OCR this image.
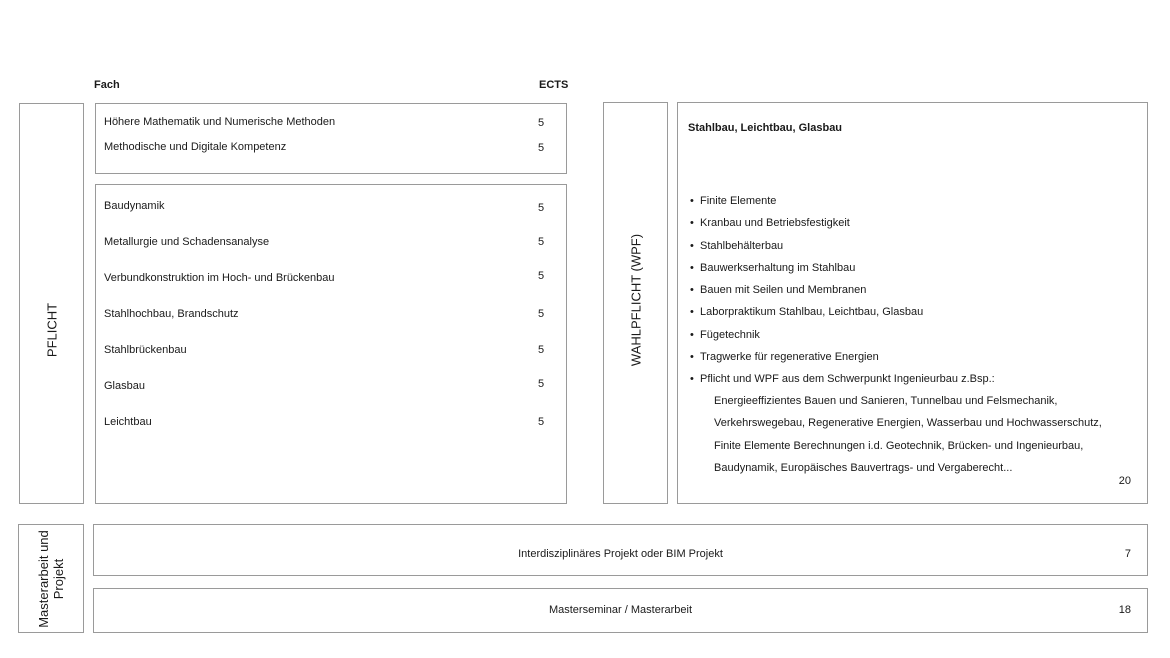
Fach	ECTS
PFLICHT
Höhere Mathematik und Numerische Methoden	5
Methodische und Digitale Kompetenz	5
Baudynamik	5
Metallurgie und Schadensanalyse	5
Verbundkonstruktion im Hoch- und Brückenbau	5
Stahlhochbau, Brandschutz	5
Stahlbrückenbau	5
Glasbau	5
Leichtbau	5
WAHLPFLICHT (WPF)
Stahlbau, Leichtbau, Glasbau
• Finite Elemente
• Kranbau und Betriebsfestigkeit
• Stahlbehälterbau
• Bauwerkserhaltung im Stahlbau
• Bauen mit Seilen und Membranen
• Laborpraktikum Stahlbau, Leichtbau, Glasbau
• Fügetechnik
• Tragwerke für regenerative Energien
• Pflicht und WPF aus dem Schwerpunkt Ingenieurbau z.Bsp.:
Energieeffizientes Bauen und Sanieren, Tunnelbau und Felsmechanik, Verkehrswegebau, Regenerative Energien, Wasserbau und Hochwasserschutz, Finite Elemente Berechnungen i.d. Geotechnik, Brücken- und Ingenieurbau, Baudynamik, Europäisches Bauvertrags- und Vergaberecht...
20
Masterarbeit und
Projekt
Interdisziplinäres Projekt oder BIM Projekt	7
Masterseminar / Masterarbeit	18
